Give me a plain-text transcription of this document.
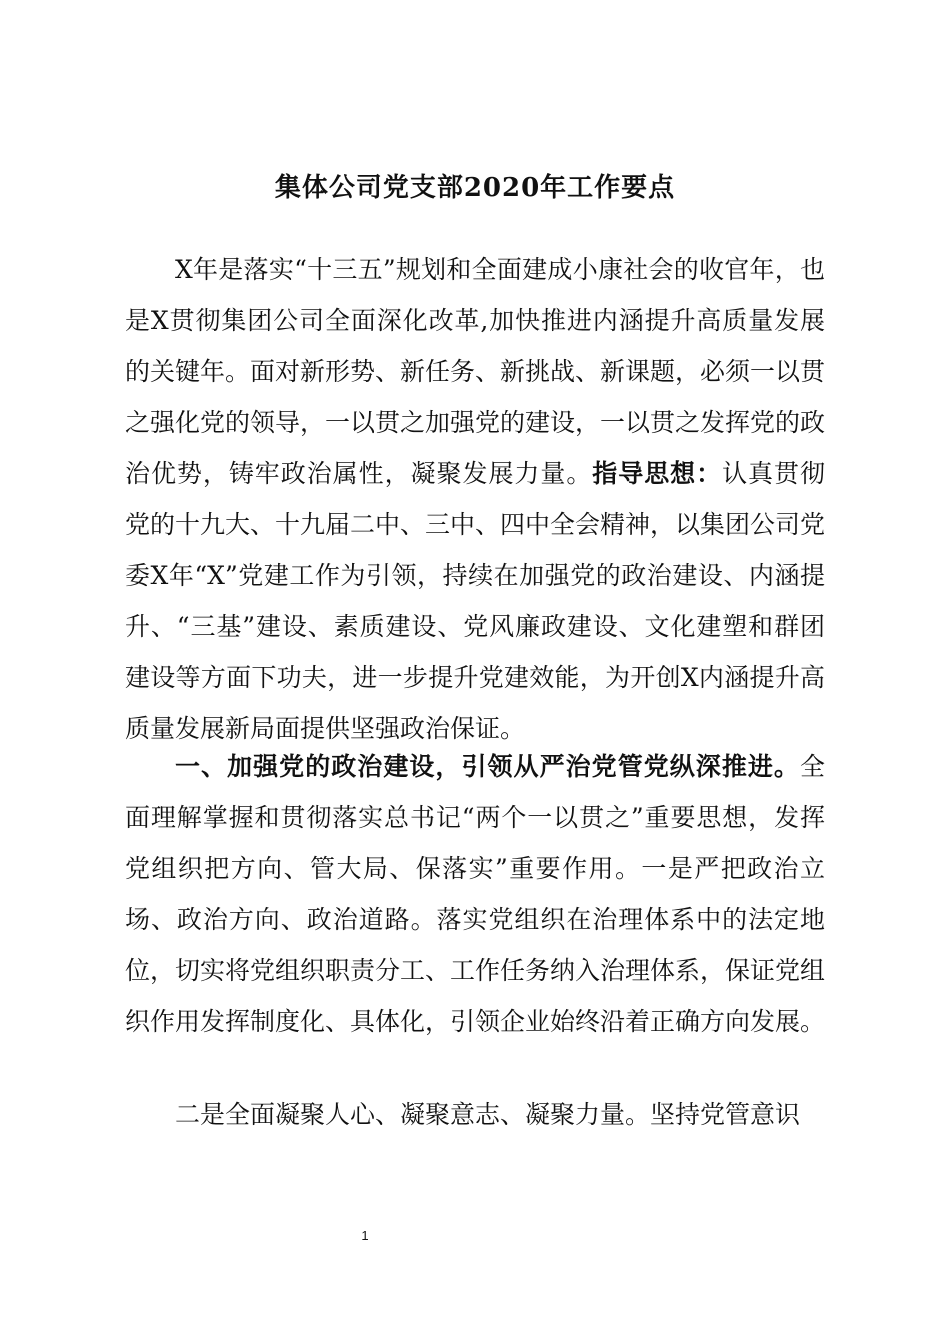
集体公司党支部2020年工作要点
X年是落实“十三五”规划和全面建成小康社会的收官年，也是X贯彻集团公司全面深化改革,加快推进内涵提升高质量发展的关键年。面对新形势、新任务、新挑战、新课题，必须一以贯之强化党的领导，一以贯之加强党的建设，一以贯之发挥党的政治优势，铸牢政治属性，凝聚发展力量。指导思想：认真贯彻党的十九大、十九届二中、三中、四中全会精神，以集团公司党委X年“X”党建工作为引领，持续在加强党的政治建设、内涵提升、“三基”建设、素质建设、党风廉政建设、文化建塑和群团建设等方面下功夫，进一步提升党建效能，为开创X内涵提升高质量发展新局面提供坚强政治保证。
一、加强党的政治建设，引领从严治党管党纵深推进。全面理解掌握和贯彻落实总书记“两个一以贯之”重要思想，发挥党组织把方向、管大局、保落实”重要作用。一是严把政治立场、政治方向、政治道路。落实党组织在治理体系中的法定地位，切实将党组织职责分工、工作任务纳入治理体系，保证党组织作用发挥制度化、具体化，引领企业始终沿着正确方向发展。
二是全面凝聚人心、凝聚意志、凝聚力量。坚持党管意识
1
